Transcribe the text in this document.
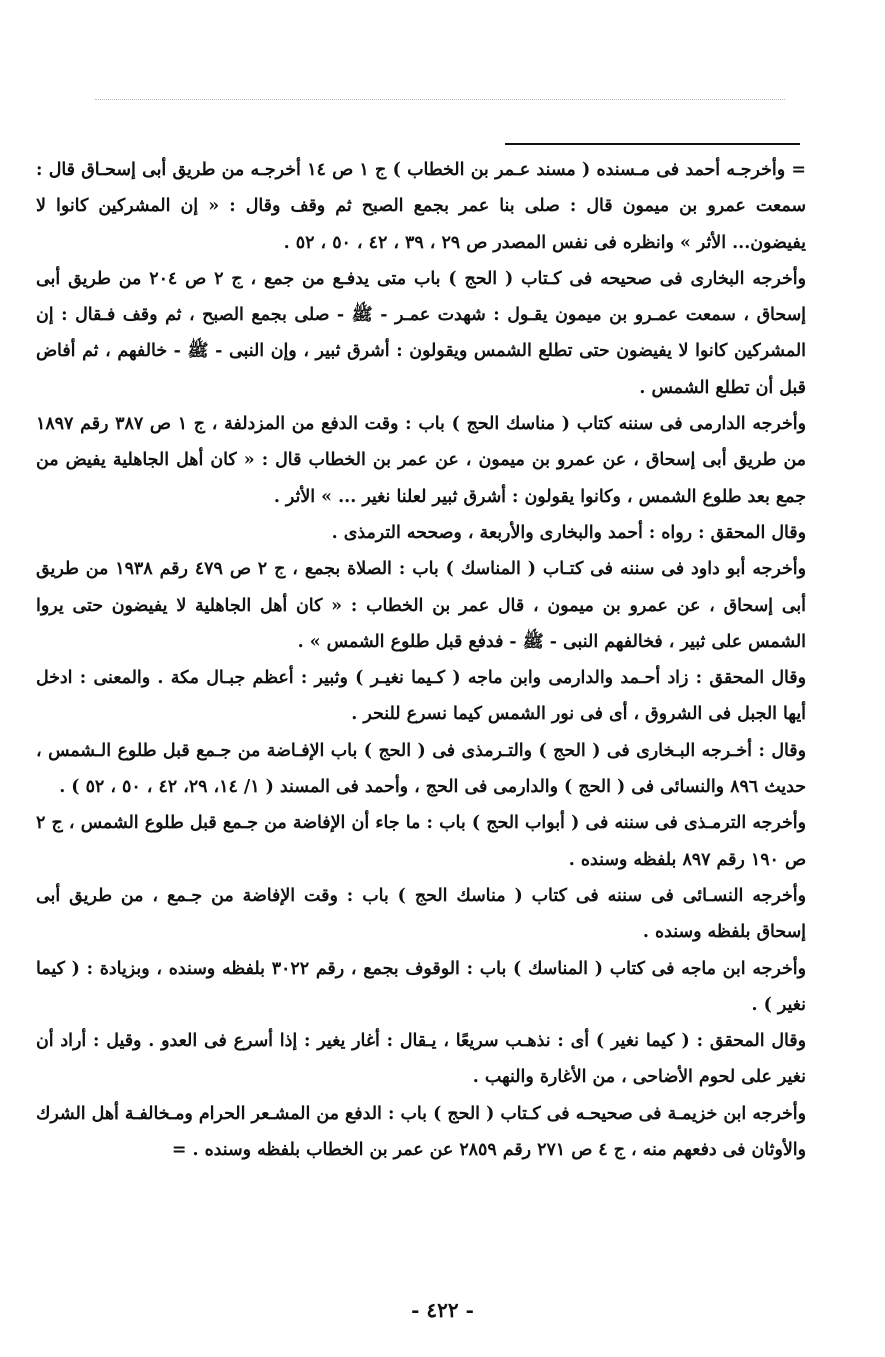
= وأخرجـه أحمد فى مـسنده ( مسند عـمر بن الخطاب ) ج ١ ص ١٤ أخرجـه من طريق أبى إسحـاق قال : سمعت عمرو بن ميمون قال : صلى بنا عمر بجمع الصبح ثم وقف وقال : « إن المشركين كانوا لا يفيضون... الأثر » وانظره فى نفس المصدر ص ٢٩ ، ٣٩ ، ٤٢ ، ٥٠ ، ٥٢ .

وأخرجه البخارى فى صحيحه فى كـتاب ( الحج ) باب متى يدفـع من جمع ، ج ٢ ص ٢٠٤ من طريق أبى إسحاق ، سمعت عمـرو بن ميمون يقـول : شهدت عمـر - ﷺ - صلى بجمع الصبح ، ثم وقف فـقال : إن المشركين كانوا لا يفيضون حتى تطلع الشمس ويقولون : أشرق ثبير ، وإن النبى - ﷺ - خالفهم ، ثم أفاض قبل أن تطلع الشمس .

وأخرجه الدارمى فى سننه كتاب ( مناسك الحج ) باب : وقت الدفع من المزدلفة ، ج ١ ص ٣٨٧ رقم ١٨٩٧ من طريق أبى إسحاق ، عن عمرو بن ميمون ، عن عمر بن الخطاب قال : « كان أهل الجاهلية يفيض من جمع بعد طلوع الشمس ، وكانوا يقولون : أشرق ثبير لعلنا نغير ... » الأثر .

وقال المحقق : رواه : أحمد والبخارى والأربعة ، وصححه الترمذى .

وأخرجه أبو داود فى سننه فى كتـاب ( المناسك ) باب : الصلاة بجمع ، ج ٢ ص ٤٧٩ رقم ١٩٣٨ من طريق أبى إسحاق ، عن عمرو بن ميمون ، قال عمر بن الخطاب : « كان أهل الجاهلية لا يفيضون حتى يروا الشمس على ثبير ، فخالفهم النبى - ﷺ - فدفع قبل طلوع الشمس » .

وقال المحقق : زاد أحـمد والدارمى وابن ماجه ( كـيما نغيـر ) وثبير : أعظم جبـال مكة . والمعنى : ادخل أيها الجبل فى الشروق ، أى فى نور الشمس كيما نسرع للنحر .

وقال : أخـرجه البـخارى فى ( الحج ) والتـرمذى فى ( الحج ) باب الإفـاضة من جـمع قبل طلوع الـشمس ، حديث ٨٩٦ والنسائى فى ( الحج ) والدارمى فى الحج ، وأحمد فى المسند ( ١/ ١٤، ٢٩، ٤٢ ، ٥٠ ، ٥٢ ) .

وأخرجه الترمـذى فى سننه فى ( أبواب الحج ) باب : ما جاء أن الإفاضة من جـمع قبل طلوع الشمس ، ج ٢ ص ١٩٠ رقم ٨٩٧ بلفظه وسنده .

وأخرجه النسـائى فى سننه فى كتاب ( مناسك الحج ) باب : وقت الإفاضة من جـمع ، من طريق أبى إسحاق بلفظه وسنده .

وأخرجه ابن ماجه فى كتاب ( المناسك ) باب : الوقوف بجمع ، رقم ٣٠٢٢ بلفظه وسنده ، وبزيادة : ( كيما نغير ) .

وقال المحقق : ( كيما نغير ) أى : نذهـب سريعًا ، يـقال : أغار يغير : إذا أسرع فى العدو . وقيل : أراد أن نغير على لحوم الأضاحى ، من الأغارة والنهب .

وأخرجه ابن خزيمـة فى صحيحـه فى كـتاب ( الحج ) باب : الدفع من المشـعر الحرام ومـخالفـة أهل الشرك والأوثان فى دفعهم منه ، ج ٤ ص ٢٧١ رقم ٢٨٥٩ عن عمر بن الخطاب بلفظه وسنده . =

- ٤٢٢ -
